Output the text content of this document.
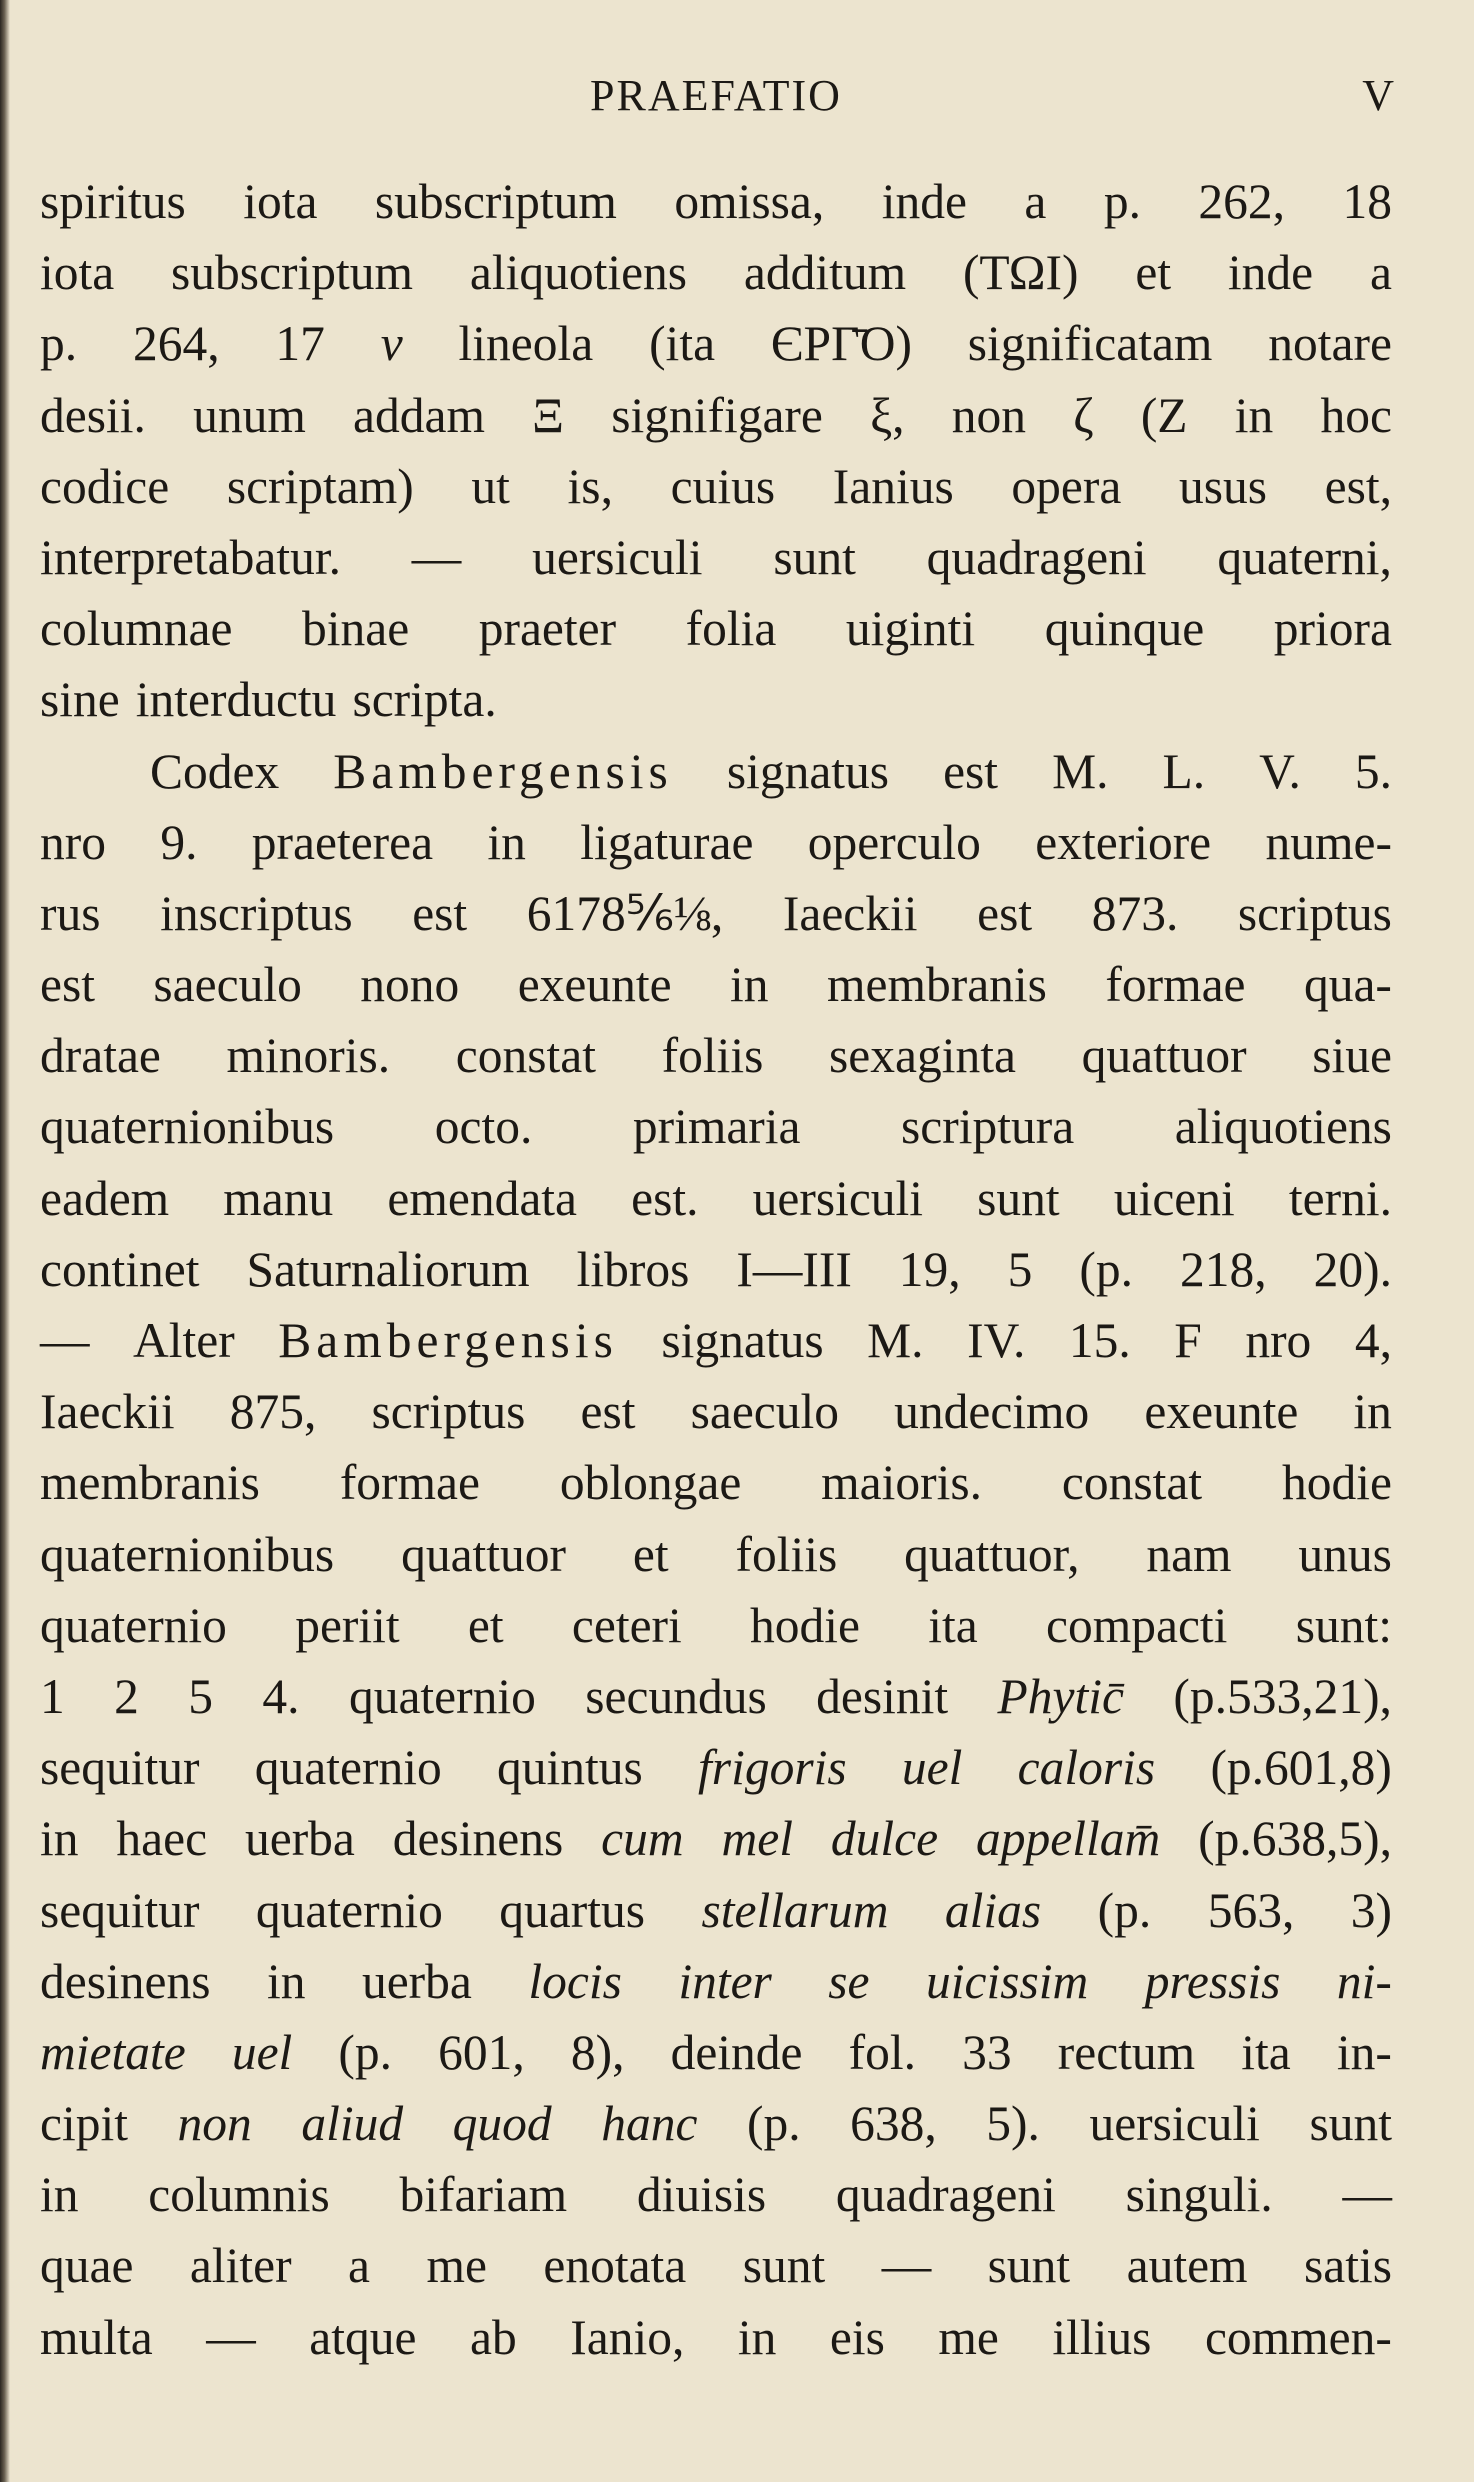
PRAEFATIO	V
spiritus iota subscriptum omissa, inde a p. 262, 18
iota subscriptum aliquotiens additum (ΤΩΙ) et inde a
p. 264, 17 ν lineola (ita ЄΡΓ̄Ο) significatam notare
desii. unum addam Ξ signifigare ξ, non ζ (Z in hoc
codice scriptam) ut is, cuius Ianius opera usus est,
interpretabatur. — uersiculi sunt quadrageni quaterni,
columnae binae praeter folia uiginti quinque priora
sine interductu scripta.
Codex Bambergensis signatus est M. L. V. 5.
nro 9. praeterea in ligaturae operculo exteriore nume-
rus inscriptus est 6178⅚⅛, Iaeckii est 873. scriptus
est saeculo nono exeunte in membranis formae qua-
dratae minoris. constat foliis sexaginta quattuor siue
quaternionibus octo. primaria scriptura aliquotiens
eadem manu emendata est. uersiculi sunt uiceni terni.
continet Saturnaliorum libros I—III 19, 5 (p. 218, 20).
— Alter Bambergensis signatus M. IV. 15. F nro 4,
Iaeckii 875, scriptus est saeculo undecimo exeunte in
membranis formae oblongae maioris. constat hodie
quaternionibus quattuor et foliis quattuor, nam unus
quaternio periit et ceteri hodie ita compacti sunt:
1 2 5 4. quaternio secundus desinit Phytic̄ (p.533,21),
sequitur quaternio quintus frigoris uel caloris (p.601,8)
in haec uerba desinens cum mel dulce appellam̄ (p.638,5),
sequitur quaternio quartus stellarum alias (p. 563, 3)
desinens in uerba locis inter se uicissim pressis ni-
mietate uel (p. 601, 8), deinde fol. 33 rectum ita in-
cipit non aliud quod hanc (p. 638, 5). uersiculi sunt
in columnis bifariam diuisis quadrageni singuli. —
quae aliter a me enotata sunt — sunt autem satis
multa — atque ab Ianio, in eis me illius commen-
